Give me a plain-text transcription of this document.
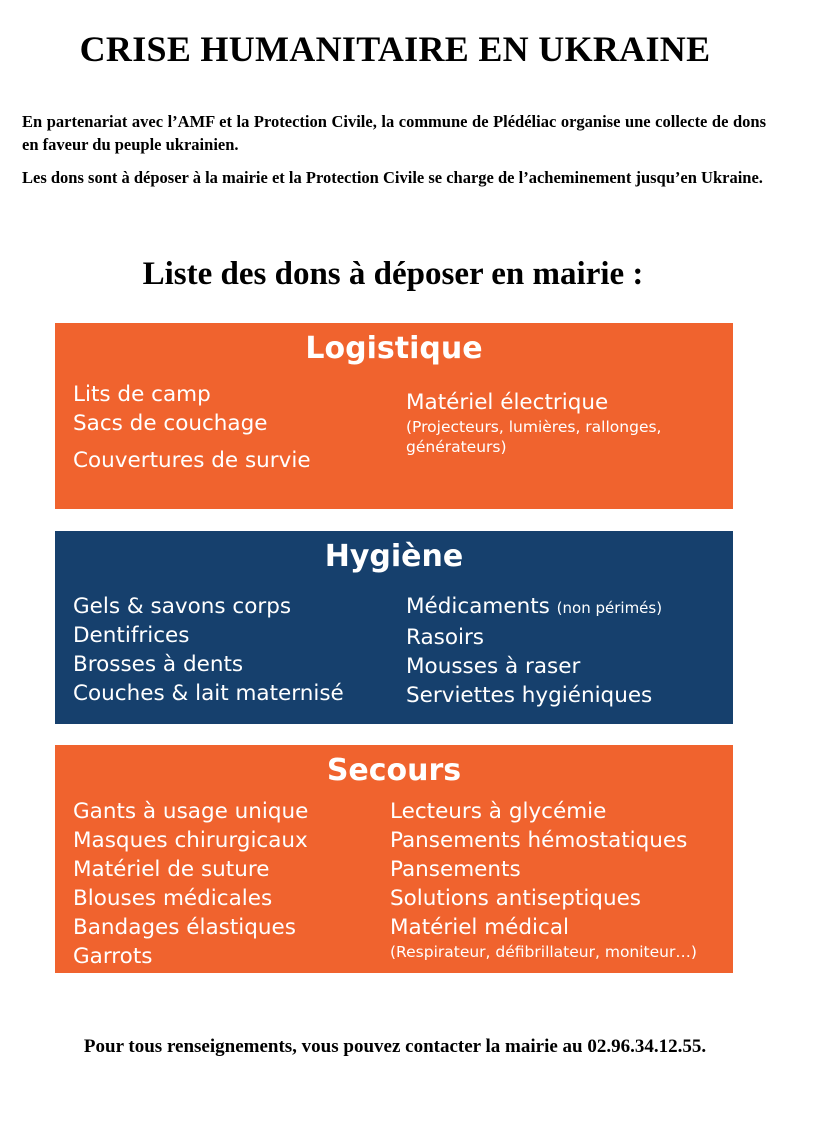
CRISE HUMANITAIRE EN UKRAINE

En partenariat avec l’AMF et la Protection Civile, la commune de Plédéliac organise une collecte de dons en faveur du peuple ukrainien.

Les dons sont à déposer à la mairie et la Protection Civile se charge de l’acheminement jusqu’en Ukraine.

Liste des dons à déposer en mairie :
Logistique
Lits de camp
Sacs de couchage
Couvertures de survie
Matériel électrique
(Projecteurs, lumières, rallonges, générateurs)
Hygiène
Gels & savons corps
Dentifrices
Brosses à dents
Couches & lait maternisé
Médicaments (non périmés)
Rasoirs
Mousses à raser
Serviettes hygiéniques
Secours
Gants à usage unique
Masques chirurgicaux
Matériel de suture
Blouses médicales
Bandages élastiques
Garrots
Lecteurs à glycémie
Pansements hémostatiques
Pansements
Solutions antiseptiques
Matériel médical
(Respirateur, défibrillateur, moniteur…)
Pour tous renseignements, vous pouvez contacter la mairie au 02.96.34.12.55.
